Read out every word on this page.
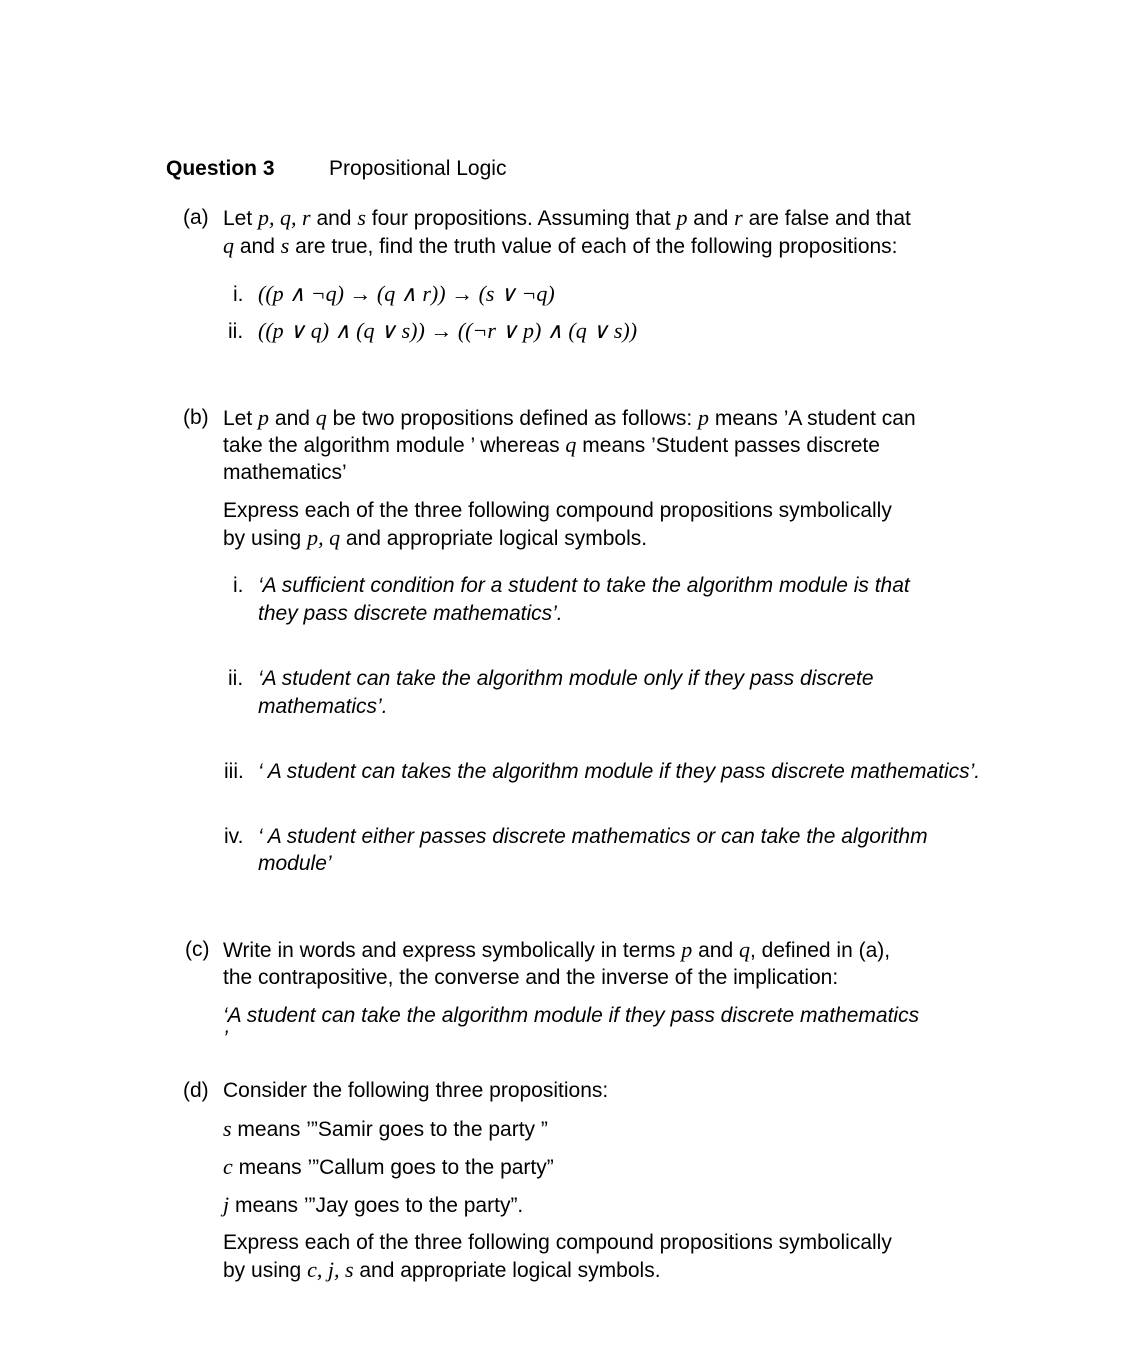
Question 3	Propositional Logic
(a) Let p, q, r and s four propositions. Assuming that p and r are false and that
q and s are true, find the truth value of each of the following propositions:
i. ((p ∧ ¬q) → (q ∧ r)) → (s ∨ ¬q)
ii. ((p ∨ q) ∧ (q ∨ s)) → ((¬r ∨ p) ∧ (q ∨ s))
(b) Let p and q be two propositions defined as follows: p means ’A student can
take the algorithm module ’ whereas q means ’Student passes discrete
mathematics’
Express each of the three following compound propositions symbolically
by using p, q and appropriate logical symbols.
i. ‘A sufficient condition for a student to take the algorithm module is that
they pass discrete mathematics’.
ii. ‘A student can take the algorithm module only if they pass discrete
mathematics’.
iii. ‘ A student can takes the algorithm module if they pass discrete mathematics’.
iv. ‘ A student either passes discrete mathematics or can take the algorithm
module’
(c) Write in words and express symbolically in terms p and q, defined in (a),
the contrapositive, the converse and the inverse of the implication:
‘A student can take the algorithm module if they pass discrete mathematics
’
(d) Consider the following three propositions:
s means ’”Samir goes to the party ”
c means ’”Callum goes to the party”
j means ’”Jay goes to the party”.
Express each of the three following compound propositions symbolically
by using c, j, s and appropriate logical symbols.
